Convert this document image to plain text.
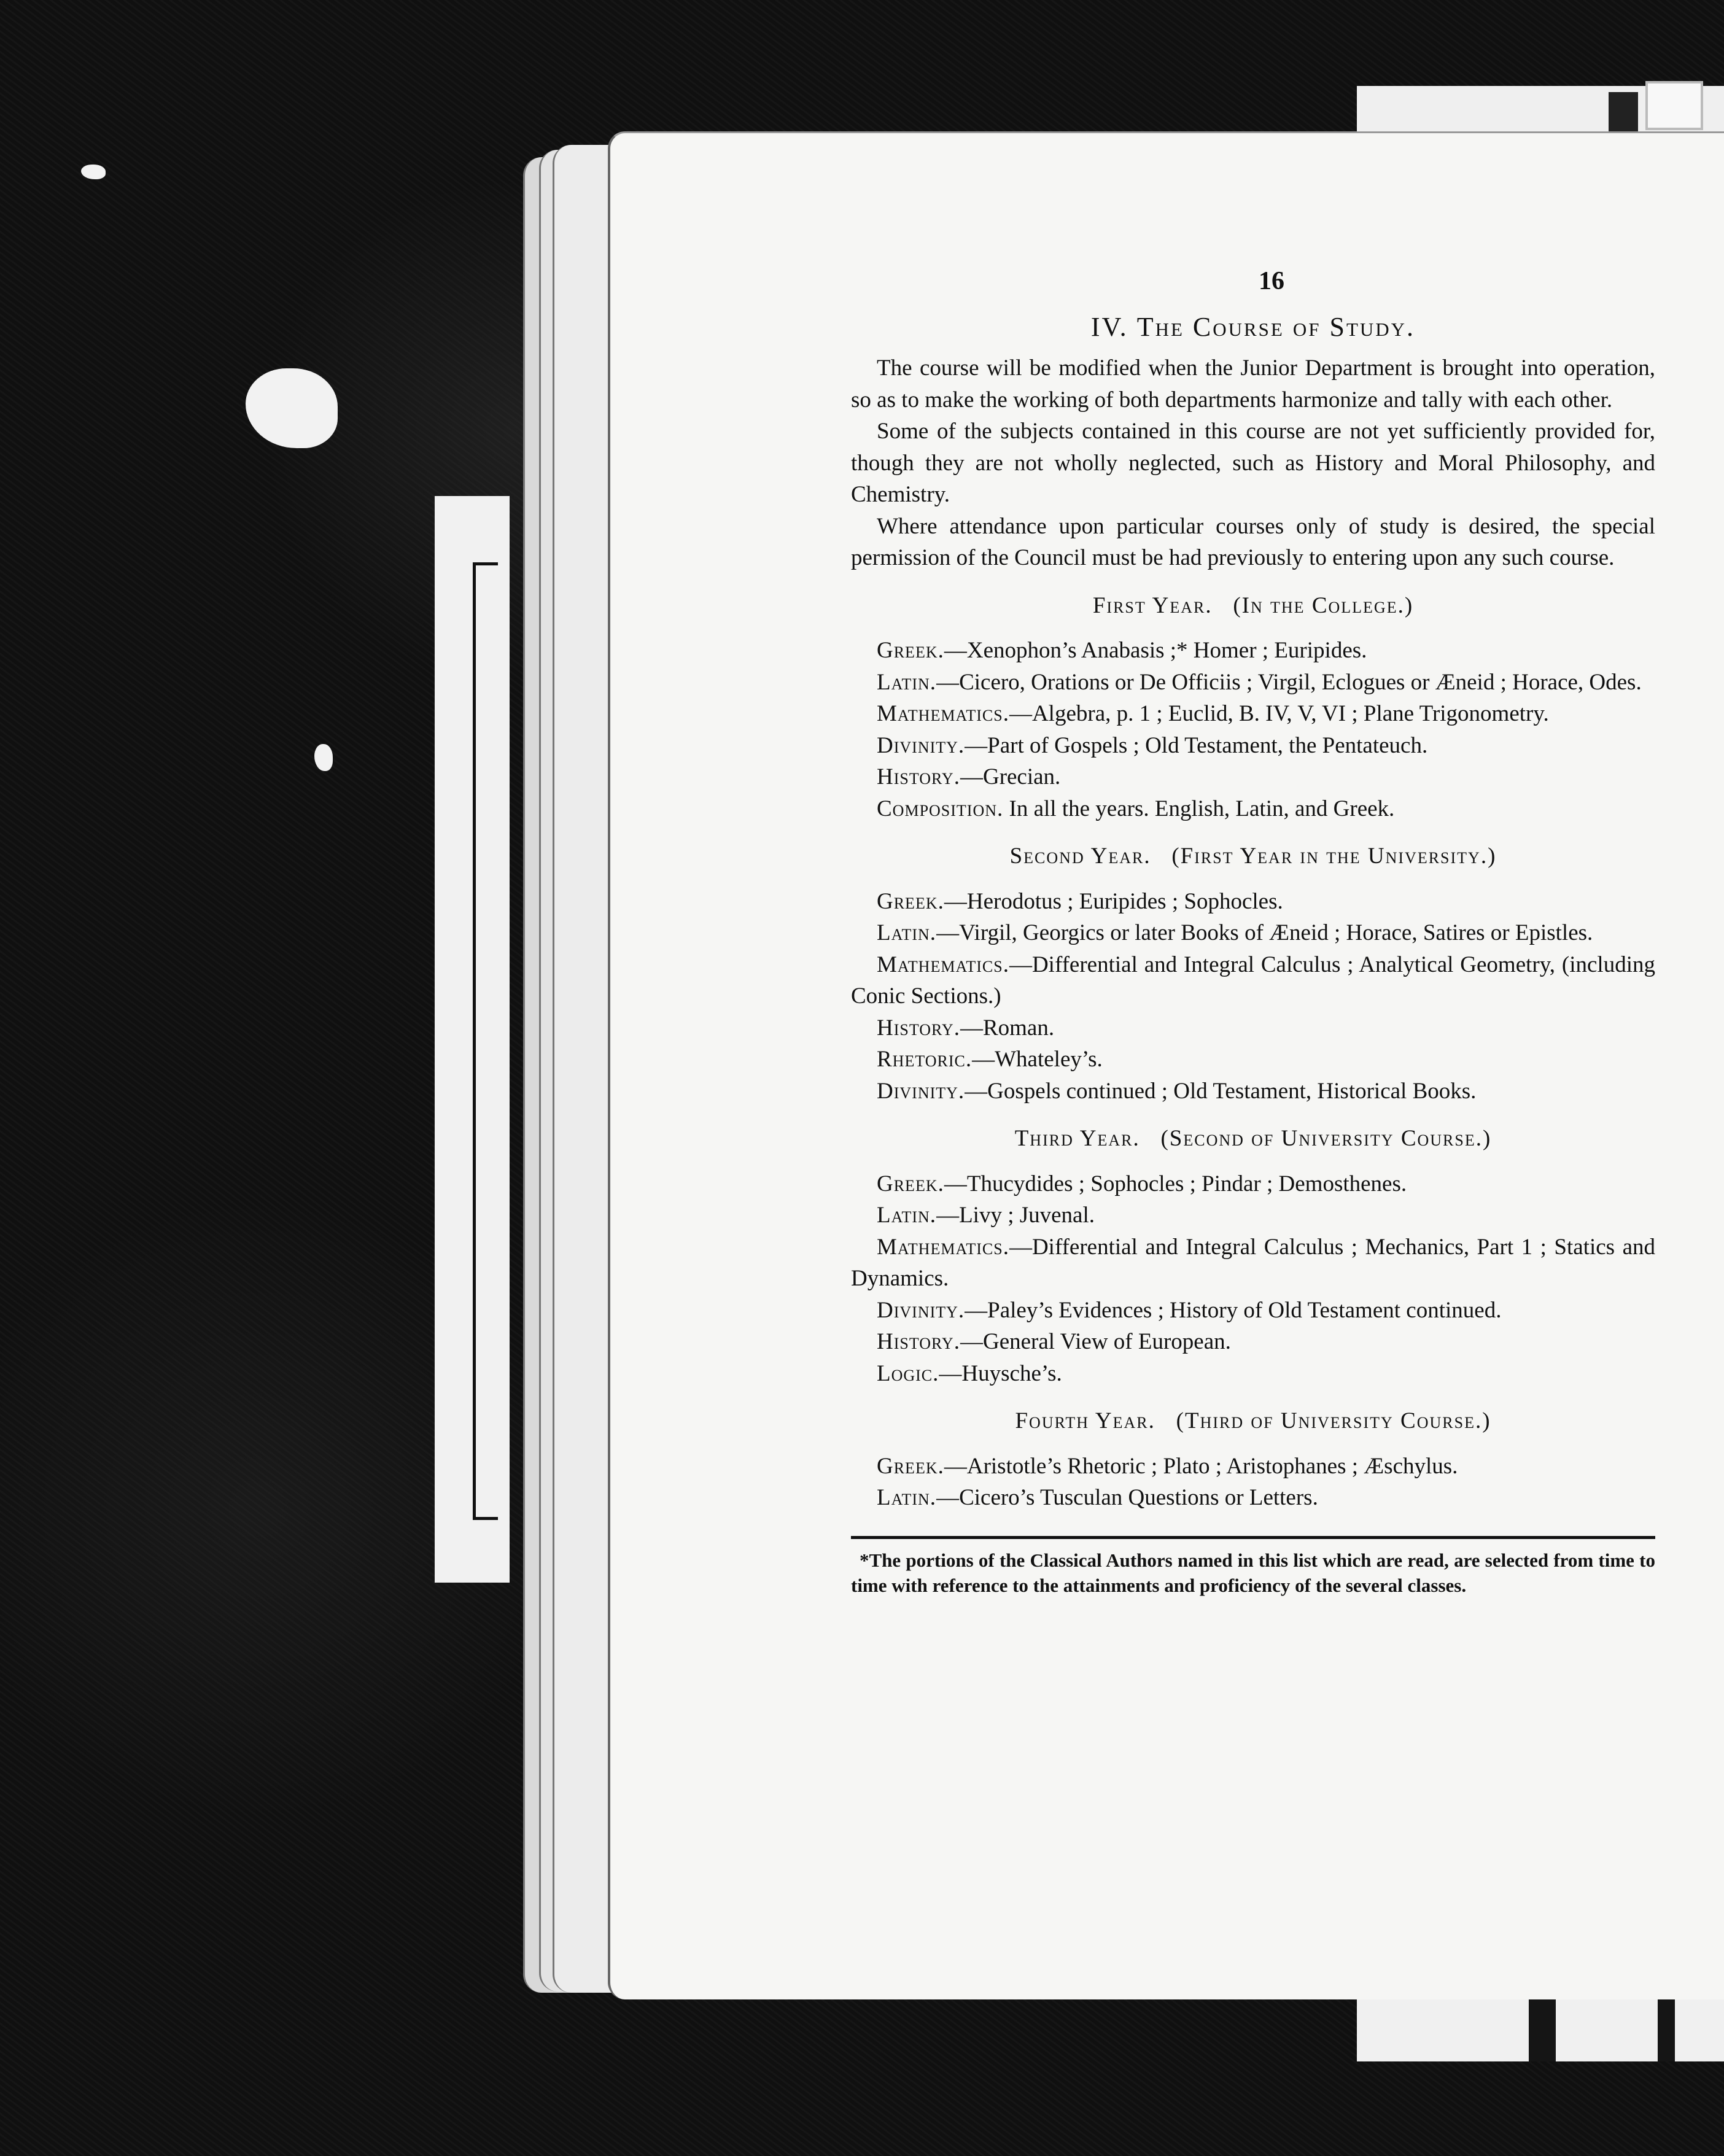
16
IV. The Course of Study.

The course will be modified when the Junior Department is brought into operation, so as to make the working of both departments harmonize and tally with each other.

Some of the subjects contained in this course are not yet sufficiently provided for, though they are not wholly neglected, such as History and Moral Philosophy, and Chemistry.

Where attendance upon particular courses only of study is desired, the special permission of the Council must be had previously to entering upon any such course.

First Year. (In the College.)

Greek.—Xenophon’s Anabasis ;* Homer ; Euripides.

Latin.—Cicero, Orations or De Officiis ; Virgil, Eclogues or Æneid ; Horace, Odes.

Mathematics.—Algebra, p. 1 ; Euclid, B. IV, V, VI ; Plane Trigonometry.

Divinity.—Part of Gospels ; Old Testament, the Pentateuch.

History.—Grecian.

Composition. In all the years. English, Latin, and Greek.

Second Year. (First Year in the University.)

Greek.—Herodotus ; Euripides ; Sophocles.

Latin.—Virgil, Georgics or later Books of Æneid ; Horace, Satires or Epistles.

Mathematics.—Differential and Integral Calculus ; Analytical Geometry, (including Conic Sections.)

History.—Roman.

Rhetoric.—Whateley’s.

Divinity.—Gospels continued ; Old Testament, Historical Books.

Third Year. (Second of University Course.)

Greek.—Thucydides ; Sophocles ; Pindar ; Demosthenes.

Latin.—Livy ; Juvenal.

Mathematics.—Differential and Integral Calculus ; Mechanics, Part 1 ; Statics and Dynamics.

Divinity.—Paley’s Evidences ; History of Old Testament continued.

History.—General View of European.

Logic.—Huysche’s.

Fourth Year. (Third of University Course.)

Greek.—Aristotle’s Rhetoric ; Plato ; Aristophanes ; Æschylus.

Latin.—Cicero’s Tusculan Questions or Letters.

*The portions of the Classical Authors named in this list which are read, are selected from time to time with reference to the attainments and proficiency of the several classes.
